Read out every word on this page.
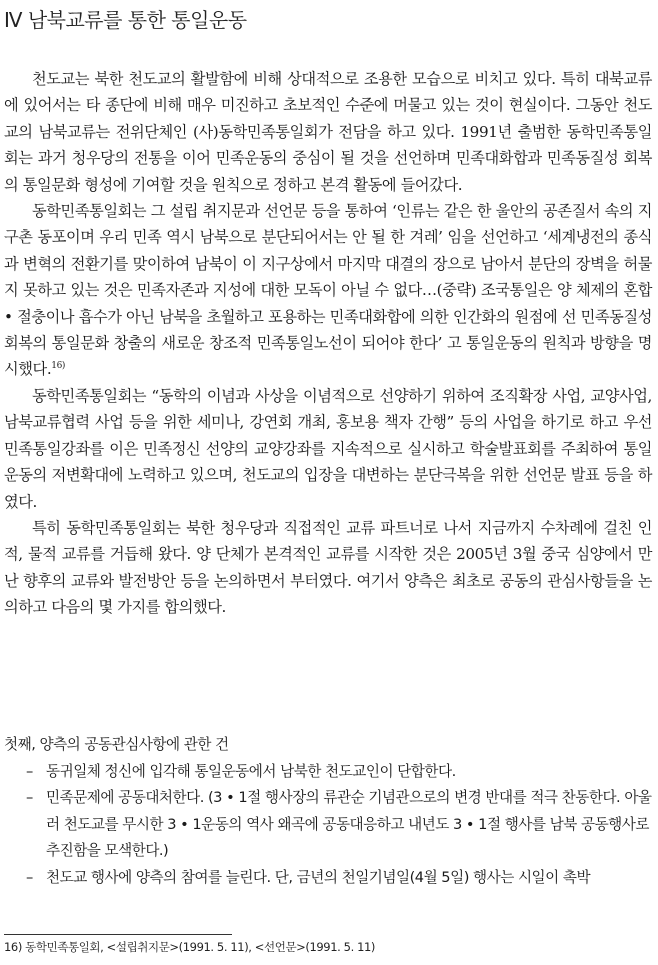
Ⅳ 남북교류를 통한 통일운동

천도교는 북한 천도교의 활발함에 비해 상대적으로 조용한 모습으로 비치고 있다. 특히 대북교류에 있어서는 타 종단에 비해 매우 미진하고 초보적인 수준에 머물고 있는 것이 현실이다. 그동안 천도교의 남북교류는 전위단체인 (사)동학민족통일회가 전담을 하고 있다. 1991년 출범한 동학민족통일회는 과거 청우당의 전통을 이어 민족운동의 중심이 될 것을 선언하며 민족대화합과 민족동질성 회복의 통일문화 형성에 기여할 것을 원칙으로 정하고 본격 활동에 들어갔다.

동학민족통일회는 그 설립 취지문과 선언문 등을 통하여 ‘인류는 같은 한 울안의 공존질서 속의 지구촌 동포이며 우리 민족 역시 남북으로 분단되어서는 안 될 한 겨레’ 임을 선언하고 ‘세계냉전의 종식과 변혁의 전환기를 맞이하여 남북이 이 지구상에서 마지막 대결의 장으로 남아서 분단의 장벽을 허물지 못하고 있는 것은 민족자존과 지성에 대한 모독이 아닐 수 없다…(중략) 조국통일은 양 체제의 혼합 • 절충이나 흡수가 아닌 남북을 초월하고 포용하는 민족대화합에 의한 인간화의 원점에 선 민족동질성 회복의 통일문화 창출의 새로운 창조적 민족통일노선이 되어야 한다’ 고 통일운동의 원칙과 방향을 명시했다.$^{16)}$

동학민족통일회는 “동학의 이념과 사상을 이념적으로 선양하기 위하여 조직확장 사업, 교양사업, 남북교류협력 사업 등을 위한 세미나, 강연회 개최, 홍보용 책자 간행” 등의 사업을 하기로 하고 우선 민족통일강좌를 이은 민족정신 선양의 교양강좌를 지속적으로 실시하고 학술발표회를 주최하여 통일운동의 저변확대에 노력하고 있으며, 천도교의 입장을 대변하는 분단극복을 위한 선언문 발표 등을 하였다.

특히 동학민족통일회는 북한 청우당과 직접적인 교류 파트너로 나서 지금까지 수차례에 걸친 인적, 물적 교류를 거듭해 왔다. 양 단체가 본격적인 교류를 시작한 것은 2005년 3월 중국 심양에서 만난 향후의 교류와 발전방안 등을 논의하면서 부터였다. 여기서 양측은 최초로 공동의 관심사항들을 논의하고 다음의 몇 가지를 합의했다.

첫째, 양측의 공동관심사항에 관한 건

– 동귀일체 정신에 입각해 통일운동에서 남북한 천도교인이 단합한다.
– 민족문제에 공동대처한다. (3 • 1절 행사장의 류관순 기념관으로의 변경 반대를 적극 찬동한다. 아울러 천도교를 무시한 3 • 1운동의 역사 왜곡에 공동대응하고 내년도 3 • 1절 행사를 남북 공동행사로 추진함을 모색한다.)
– 천도교 행사에 양측의 참여를 늘린다. 단, 금년의 천일기념일(4월 5일) 행사는 시일이 촉박

16) 동학민족통일회, <설립취지문>(1991. 5. 11), <선언문>(1991. 5. 11)
